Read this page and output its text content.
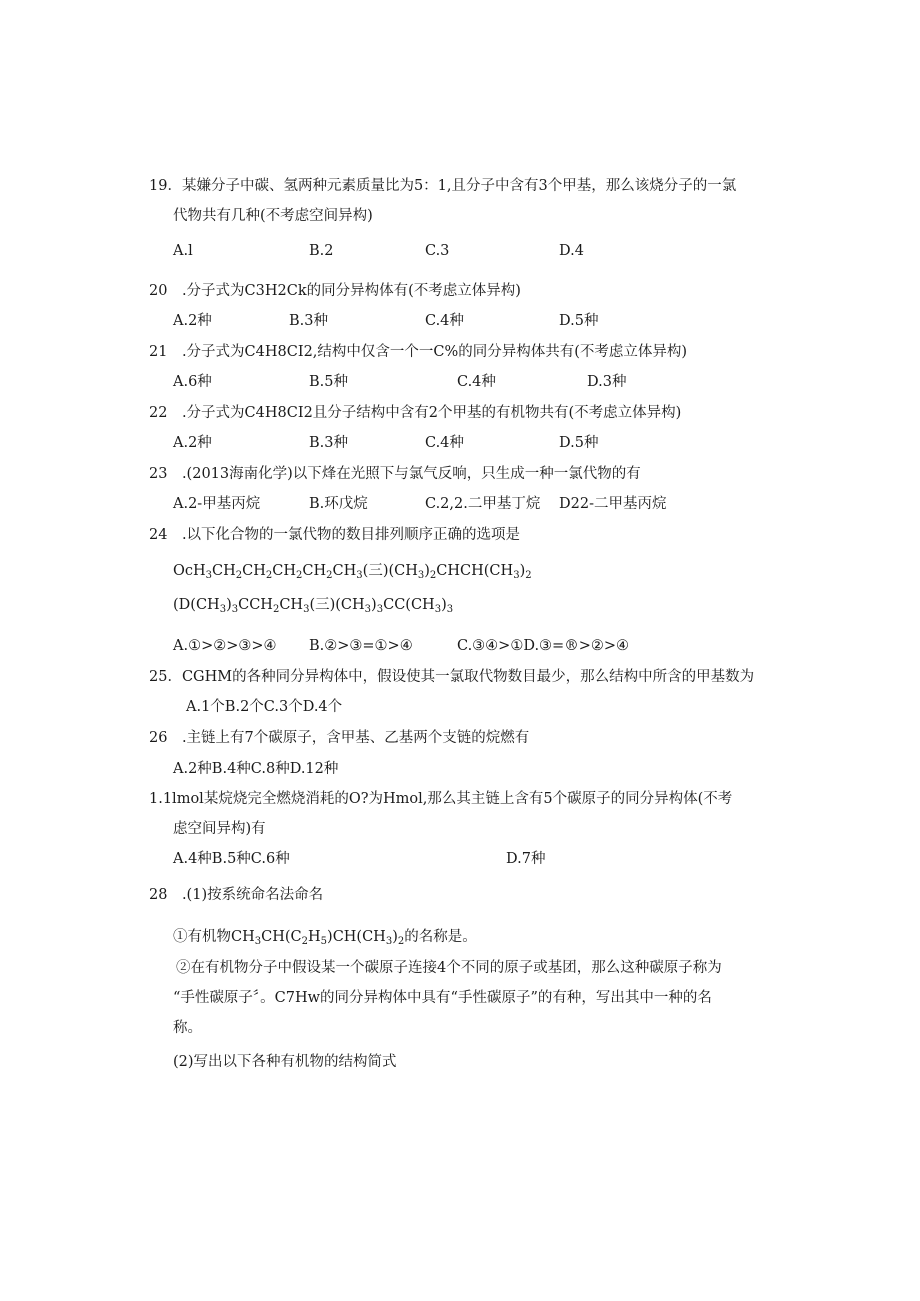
19．某嫌分子中碳、氢两种元素质量比为5：1,且分子中含有3个甲基，那么该烧分子的一氯
代物共有几种(不考虑空间异构)
A.l	B.2	C.3	D.4
20　.分子式为C3H2Ck的同分异构体有(不考虑立体异构)
A.2种	B.3种	C.4种	D.5种
21　.分子式为C4H8CI2,结构中仅含一个一C%的同分异构体共有(不考虑立体异构)
A.6种	B.5种	C.4种	D.3种
22　.分子式为C4H8CI2且分子结构中含有2个甲基的有机物共有(不考虑立体异构)
A.2种	B.3种	C.4种	D.5种
23　.(2013海南化学)以下烽在光照下与氯气反响，只生成一种一氯代物的有
A.2-甲基丙烷	B.环戊烷	C.2,2.二甲基丁烷 D22-二甲基丙烷
24　.以下化合物的一氯代物的数目排列顺序正确的选项是
$OcH_3CH_2CH_2CH_2CH_2CH_3$(三)$(CH_3)_2CHCH(CH_3)_2$
($D(CH_3)_3CCH_2CH_3$(三)$(CH_3)_3CC(CH_3)_3$
A.①>②>③>④ B.②>③=①>④	C.③④>①D.③=®>②>④
25．CGHM的各种同分异构体中，假设使其一氯取代物数目最少，那么结构中所含的甲基数为
A.1个B.2个C.3个D.4个
26　.主链上有7个碳原子，含甲基、乙基两个支链的烷燃有
A.2种B.4种C.8种D.12种
1.1lmol某烷烧完全燃烧消耗的O?为Hmol,那么其主链上含有5个碳原子的同分异构体(不考
虑空间异构)有
A.4种B.5种C.6种	D.7种
28　.(1)按系统命名法命名
①有机物$CH_3CH(C_2H_5)CH(CH_3)_2$的名称是。
②在有机物分子中假设某一个碳原子连接4个不同的原子或基团，那么这种碳原子称为
“手性碳原子〞。C7Hw的同分异构体中具有“手性碳原子”的有种，写出其中一种的名
称。
(2)写出以下各种有机物的结构简式
